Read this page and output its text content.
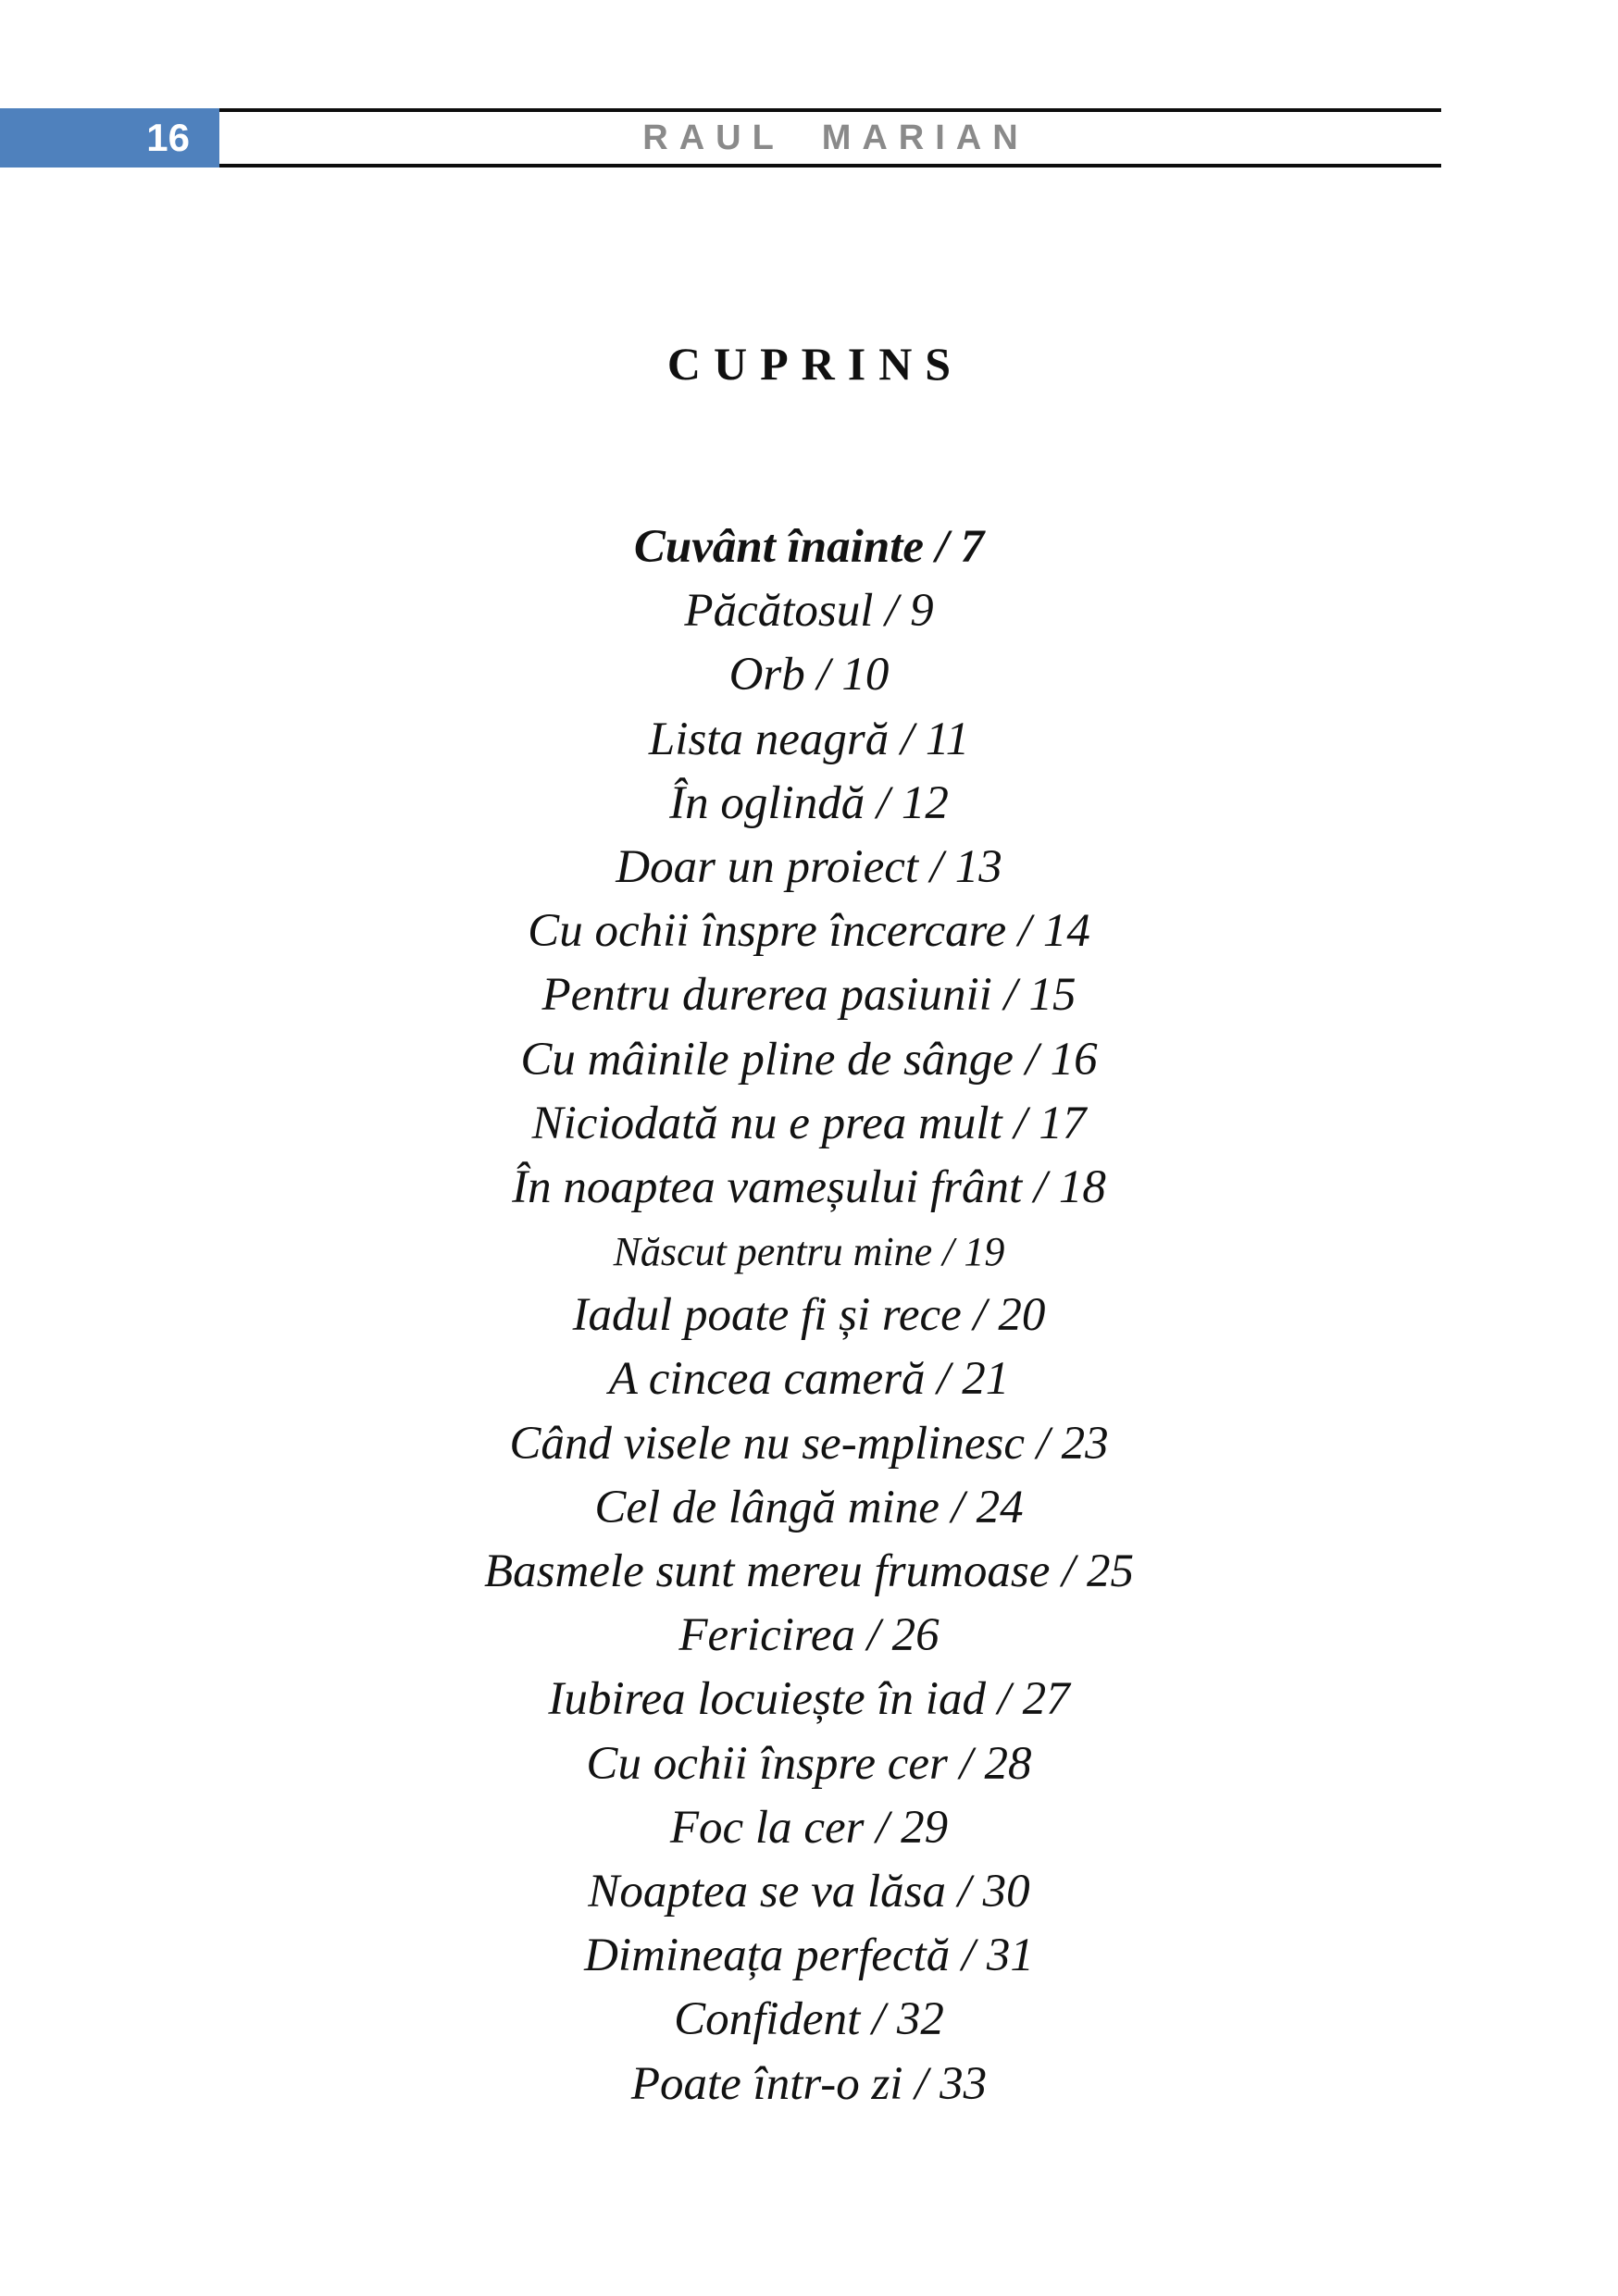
16	RAUL MARIAN
CUPRINS
Cuvânt înainte / 7
Păcătosul / 9
Orb / 10
Lista neagră / 11
În oglindă / 12
Doar un proiect / 13
Cu ochii înspre încercare / 14
Pentru durerea pasiunii / 15
Cu mâinile pline de sânge / 16
Niciodată nu e prea mult / 17
În noaptea vameșului frânt / 18
Născut pentru mine / 19
Iadul poate fi și rece / 20
A cincea cameră / 21
Când visele nu se-mplinesc / 23
Cel de lângă mine / 24
Basmele sunt mereu frumoase / 25
Fericirea / 26
Iubirea locuiește în iad / 27
Cu ochii înspre cer / 28
Foc la cer / 29
Noaptea se va lăsa / 30
Dimineața perfectă / 31
Confident / 32
Poate într-o zi / 33
